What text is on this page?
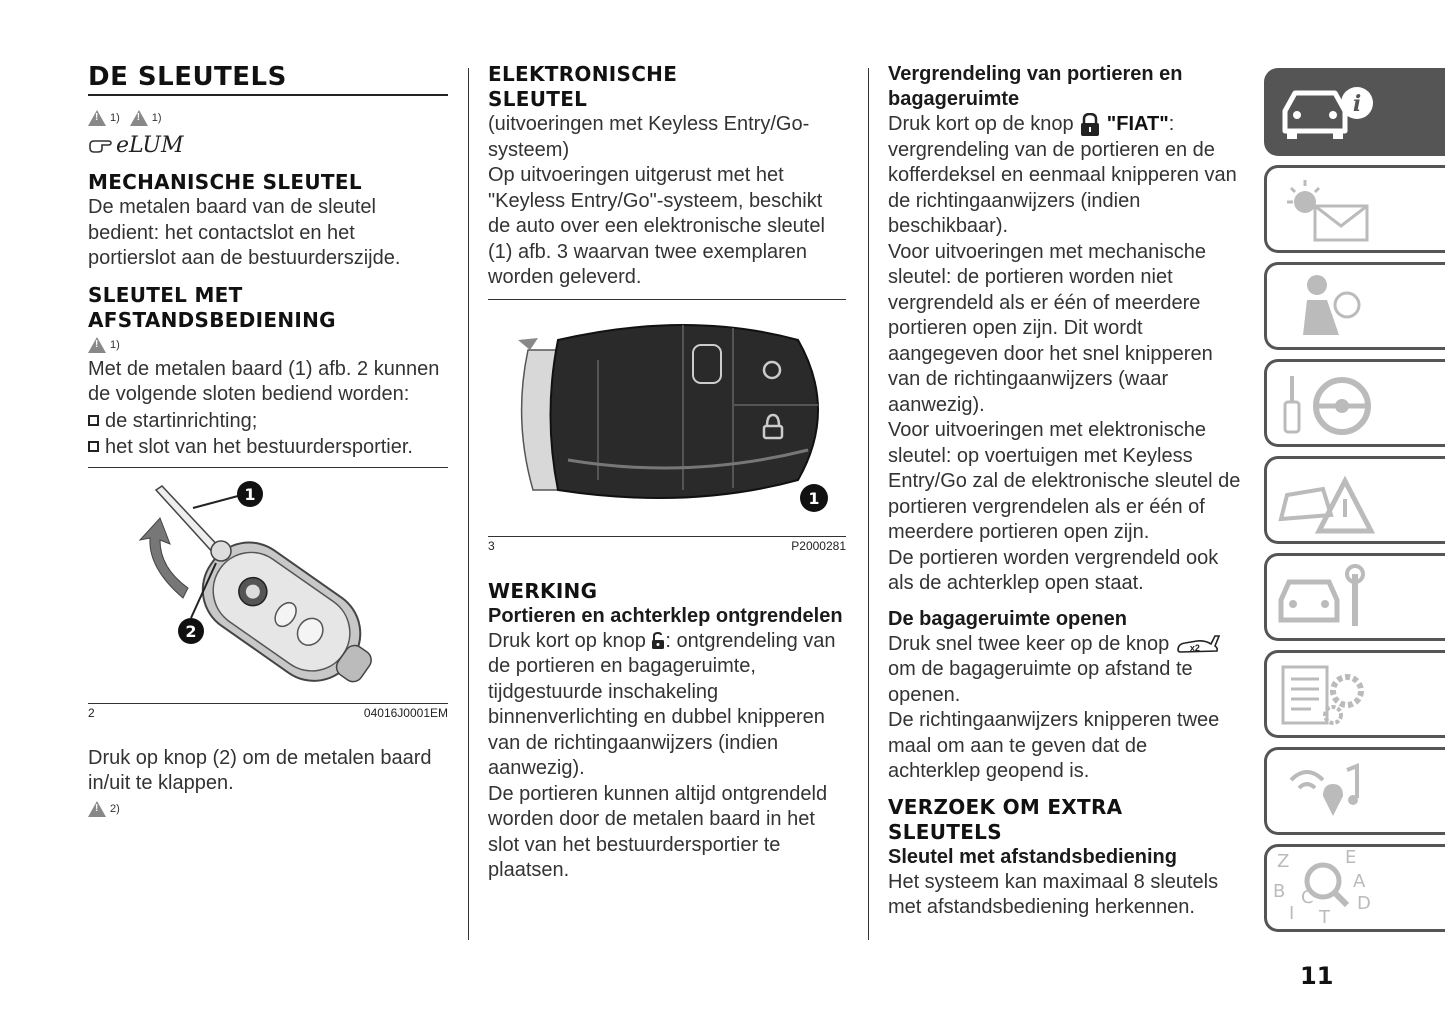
DE SLEUTELS
!
1)
!	1)
eLUM
MECHANISCHE SLEUTEL

De metalen baard van de sleutel bedient: het contactslot en het portierslot aan de bestuurderszijde.

SLEUTEL MET
AFSTANDSBEDIENING
!
1)

Met de metalen baard (1) afb. 2 kunnen de volgende sloten bediend worden:

de startinrichting;
het slot van het bestuurdersportier.
1
2
2	04016J0001EM

Druk op knop (2) om de metalen baard in/uit te klappen.

!
2)
ELEKTRONISCHE
SLEUTEL

(uitvoeringen met Keyless Entry/Go-systeem)

Op uitvoeringen uitgerust met het "Keyless Entry/Go"-systeem, beschikt de auto over een elektronische sleutel (1) afb. 3 waarvan twee exemplaren worden geleverd.

1
3	P2000281
WERKING
Portieren en achterklep ontgrendelen

Druk kort op knop : ontgrendeling van de portieren en bagageruimte, tijdgestuurde inschakeling binnenverlichting en dubbel knipperen van de richtingaanwijzers (indien aanwezig).

De portieren kunnen altijd ontgrendeld worden door de metalen baard in het slot van het bestuurdersportier te plaatsen.

Vergrendeling van portieren en bagageruimte

Druk kort op de knop "FIAT": vergrendeling van de portieren en de kofferdeksel en eenmaal knipperen van de richtingaanwijzers (indien beschikbaar).

Voor uitvoeringen met mechanische sleutel: de portieren worden niet vergrendeld als er één of meerdere portieren open zijn. Dit wordt aangegeven door het snel knipperen van de richtingaanwijzers (waar aanwezig).

Voor uitvoeringen met elektronische sleutel: op voertuigen met Keyless Entry/Go zal de elektronische sleutel de portieren vergrendelen als er één of meerdere portieren open zijn.

De portieren worden vergrendeld ook als de achterklep open staat.

De bagageruimte openen

Druk snel twee keer op de knop x2
om de bagageruimte op afstand te openen.

De richtingaanwijzers knipperen twee maal om aan te geven dat de achterklep geopend is.

VERZOEK OM EXTRA
SLEUTELS
Sleutel met afstandsbediening

Het systeem kan maximaal 8 sleutels met afstandsbediening herkennen.

i
Z	E
A
B C D
I T
11
